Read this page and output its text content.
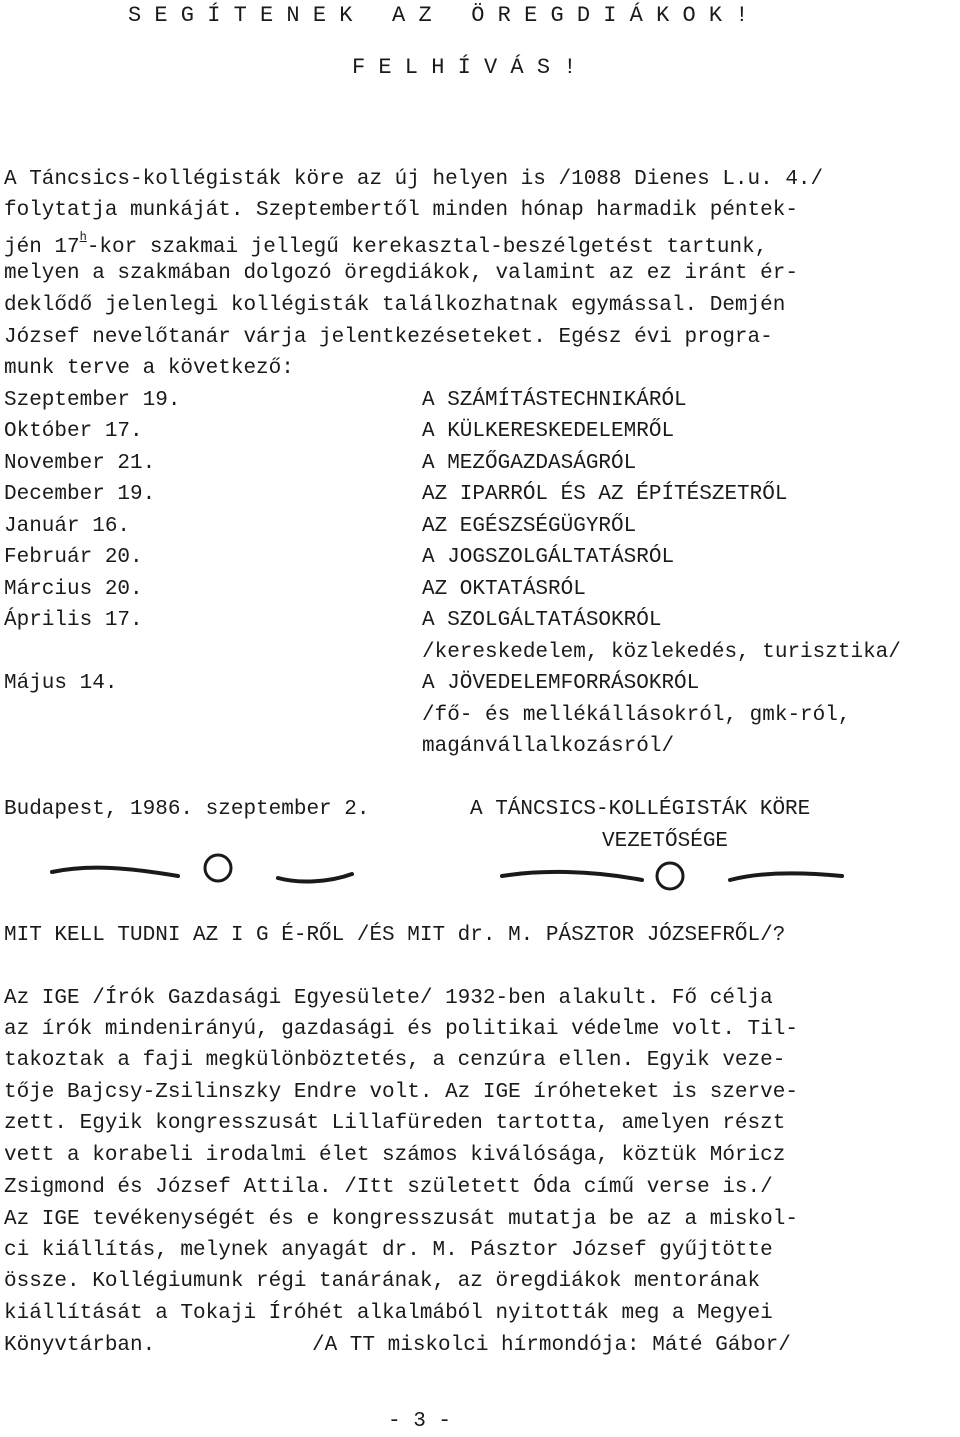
S E G Í T E N E K   A Z   Ö R E G D I Á K O K !
F E L H Í V Á S !
A Táncsics-kollégisták köre az új helyen is /1088 Dienes L.u. 4./
folytatja munkáját. Szeptembertől minden hónap harmadik péntek-
jén 17$^h$-kor szakmai jellegű kerekasztal-beszélgetést tartunk,
melyen a szakmában dolgozó öregdiákok, valamint az ez iránt ér-
deklődő jelenlegi kollégisták találkozhatnak egymással. Demjén
József nevelőtanár várja jelentkezéseteket. Egész évi progra-
munk terve a következő:
Szeptember 19.	A SZÁMÍTÁSTECHNIKÁRÓL
Október 17.	A KÜLKERESKEDELEMRŐL
November 21.	A MEZŐGAZDASÁGRÓL
December 19.	AZ IPARRÓL ÉS AZ ÉPÍTÉSZETRŐL
Január 16.	AZ EGÉSZSÉGÜGYRŐL
Február 20.	A JOGSZOLGÁLTATÁSRÓL
Március 20.	AZ OKTATÁSRÓL
Április 17.	A SZOLGÁLTATÁSOKRÓL
/kereskedelem, közlekedés, turisztika/
Május 14.	A JÖVEDELEMFORRÁSOKRÓL
/fő- és mellékállásokról, gmk-ról,
magánvállalkozásról/
Budapest, 1986. szeptember 2.	A TÁNCSICS-KOLLÉGISTÁK KÖRE
VEZETŐSÉGE
MIT KELL TUDNI AZ I G É-RŐL /ÉS MIT dr. M. PÁSZTOR JÓZSEFRŐL/?
Az IGE /Írók Gazdasági Egyesülete/ 1932-ben alakult. Fő célja
az írók mindenirányú, gazdasági és politikai védelme volt. Til-
takoztak a faji megkülönböztetés, a cenzúra ellen. Egyik veze-
tője Bajcsy-Zsilinszky Endre volt. Az IGE íróheteket is szerve-
zett. Egyik kongresszusát Lillafüreden tartotta, amelyen részt
vett a korabeli irodalmi élet számos kiválósága, köztük Móricz
Zsigmond és József Attila. /Itt született Óda című verse is./
Az IGE tevékenységét és e kongresszusát mutatja be az a miskol-
ci kiállítás, melynek anyagát dr. M. Pásztor József gyűjtötte
össze. Kollégiumunk régi tanárának, az öregdiákok mentorának
kiállítását a Tokaji Íróhét alkalmából nyitották meg a Megyei
Könyvtárban.	/A TT miskolci hírmondója: Máté Gábor/
- 3 -
